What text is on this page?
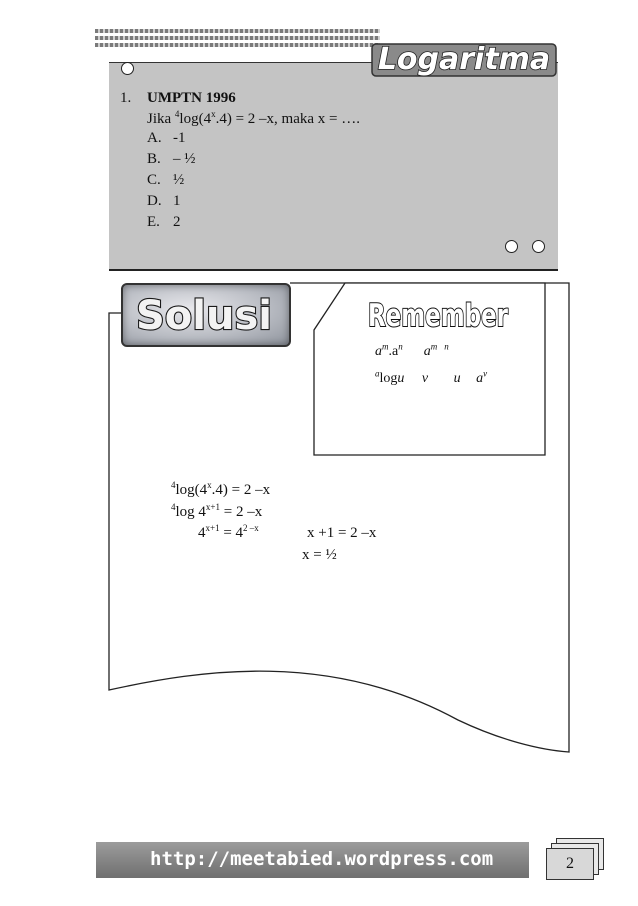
Logaritma
1. UMPTN 1996
Jika $^4\log(4^x.4) = 2$ –x, maka x = ….
A. -1
B. – ½
C. ½
D. 1
E. 2
Solusi	Remember
$a^m.a^n$ $a^m$ $^n$
$^a$logu v u $a^v$
$^4\log(4^x.4) = 2$ –x
$^4$log $4^{x+1} = 2$ –x
$4^{x+1} = 4^{2 -x}$	x +1 = 2 –x
x = ½
http://meetabied.wordpress.com	2
